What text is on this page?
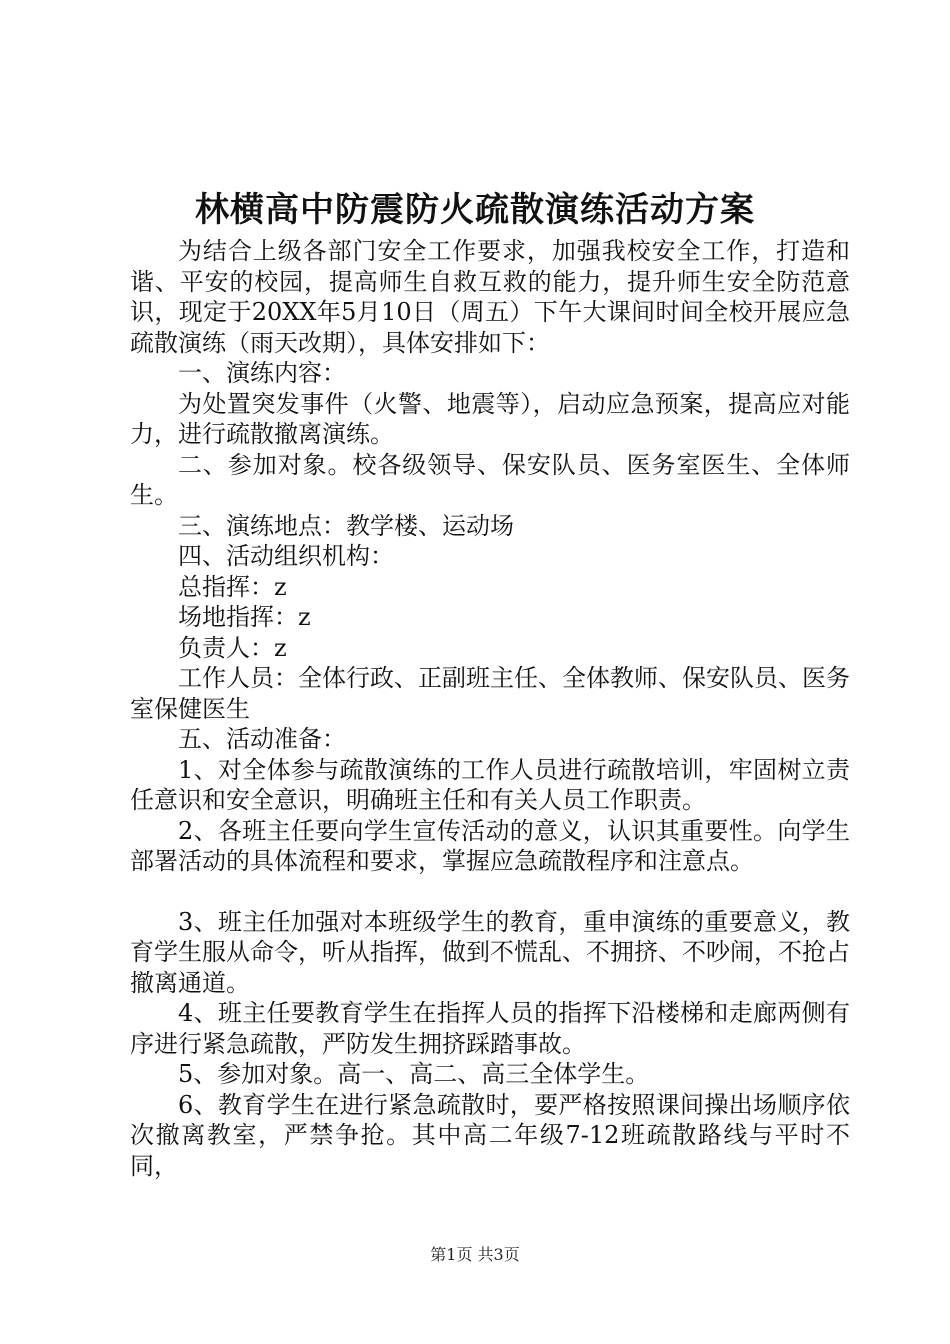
林横高中防震防火疏散演练活动方案

为结合上级各部门安全工作要求，加强我校安全工作，打造和谐、平安的校园，提高师生自救互救的能力，提升师生安全防范意识，现定于20XX年5月10日（周五）下午大课间时间全校开展应急疏散演练（雨天改期），具体安排如下：

一、演练内容：

为处置突发事件（火警、地震等），启动应急预案，提高应对能力，进行疏散撤离演练。

二、参加对象。校各级领导、保安队员、医务室医生、全体师生。

三、演练地点：教学楼、运动场

四、活动组织机构：

总指挥：z

场地指挥：z

负责人：z

工作人员：全体行政、正副班主任、全体教师、保安队员、医务室保健医生

五、活动准备：

1、对全体参与疏散演练的工作人员进行疏散培训，牢固树立责任意识和安全意识，明确班主任和有关人员工作职责。

2、各班主任要向学生宣传活动的意义，认识其重要性。向学生部署活动的具体流程和要求，掌握应急疏散程序和注意点。

3、班主任加强对本班级学生的教育，重申演练的重要意义，教育学生服从命令，听从指挥，做到不慌乱、不拥挤、不吵闹，不抢占撤离通道。

4、班主任要教育学生在指挥人员的指挥下沿楼梯和走廊两侧有序进行紧急疏散，严防发生拥挤踩踏事故。

5、参加对象。高一、高二、高三全体学生。

6、教育学生在进行紧急疏散时，要严格按照课间操出场顺序依次撤离教室，严禁争抢。其中高二年级7-12班疏散路线与平时不同，

第1页 共3页
